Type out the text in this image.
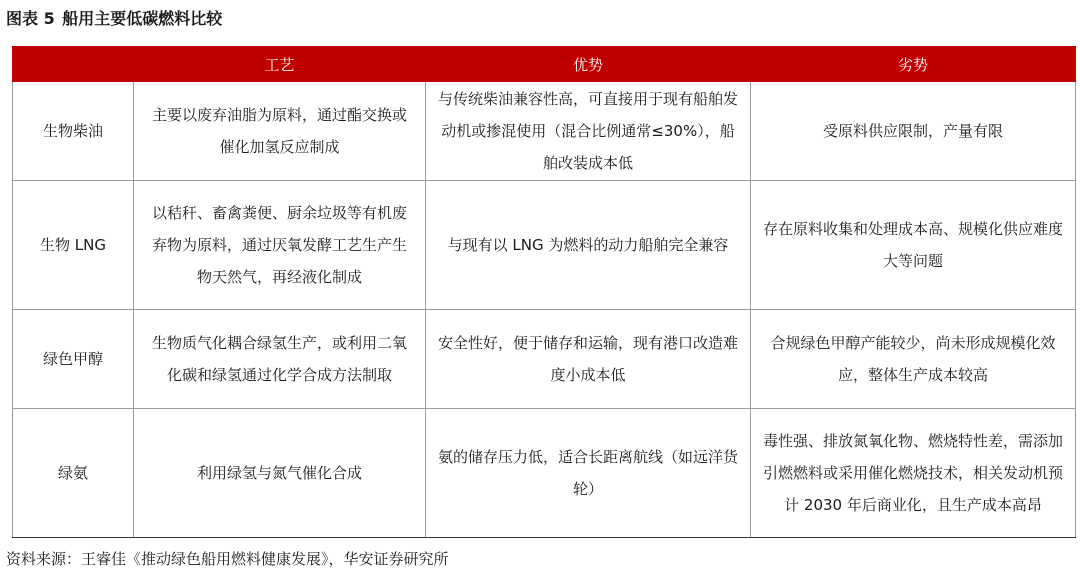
图表 5 船用主要低碳燃料比较
	工艺	优势	劣势
生物柴油	主要以废弃油脂为原料，通过酯交换或催化加氢反应制成	与传统柴油兼容性高，可直接用于现有船舶发动机或掺混使用（混合比例通常≤30%），船舶改装成本低	受原料供应限制，产量有限
生物 LNG	以秸秆、畜禽粪便、厨余垃圾等有机废弃物为原料，通过厌氧发酵工艺生产生物天然气，再经液化制成	与现有以 LNG 为燃料的动力船舶完全兼容	存在原料收集和处理成本高、规模化供应难度大等问题
绿色甲醇	生物质气化耦合绿氢生产，或利用二氧化碳和绿氢通过化学合成方法制取	安全性好，便于储存和运输，现有港口改造难度小成本低	合规绿色甲醇产能较少，尚未形成规模化效应，整体生产成本较高
绿氨	利用绿氢与氮气催化合成	氨的储存压力低，适合长距离航线（如远洋货轮）	毒性强、排放氮氧化物、燃烧特性差，需添加引燃燃料或采用催化燃烧技术，相关发动机预计 2030 年后商业化，且生产成本高昂
资料来源：王睿佳《推动绿色船用燃料健康发展》，华安证券研究所
